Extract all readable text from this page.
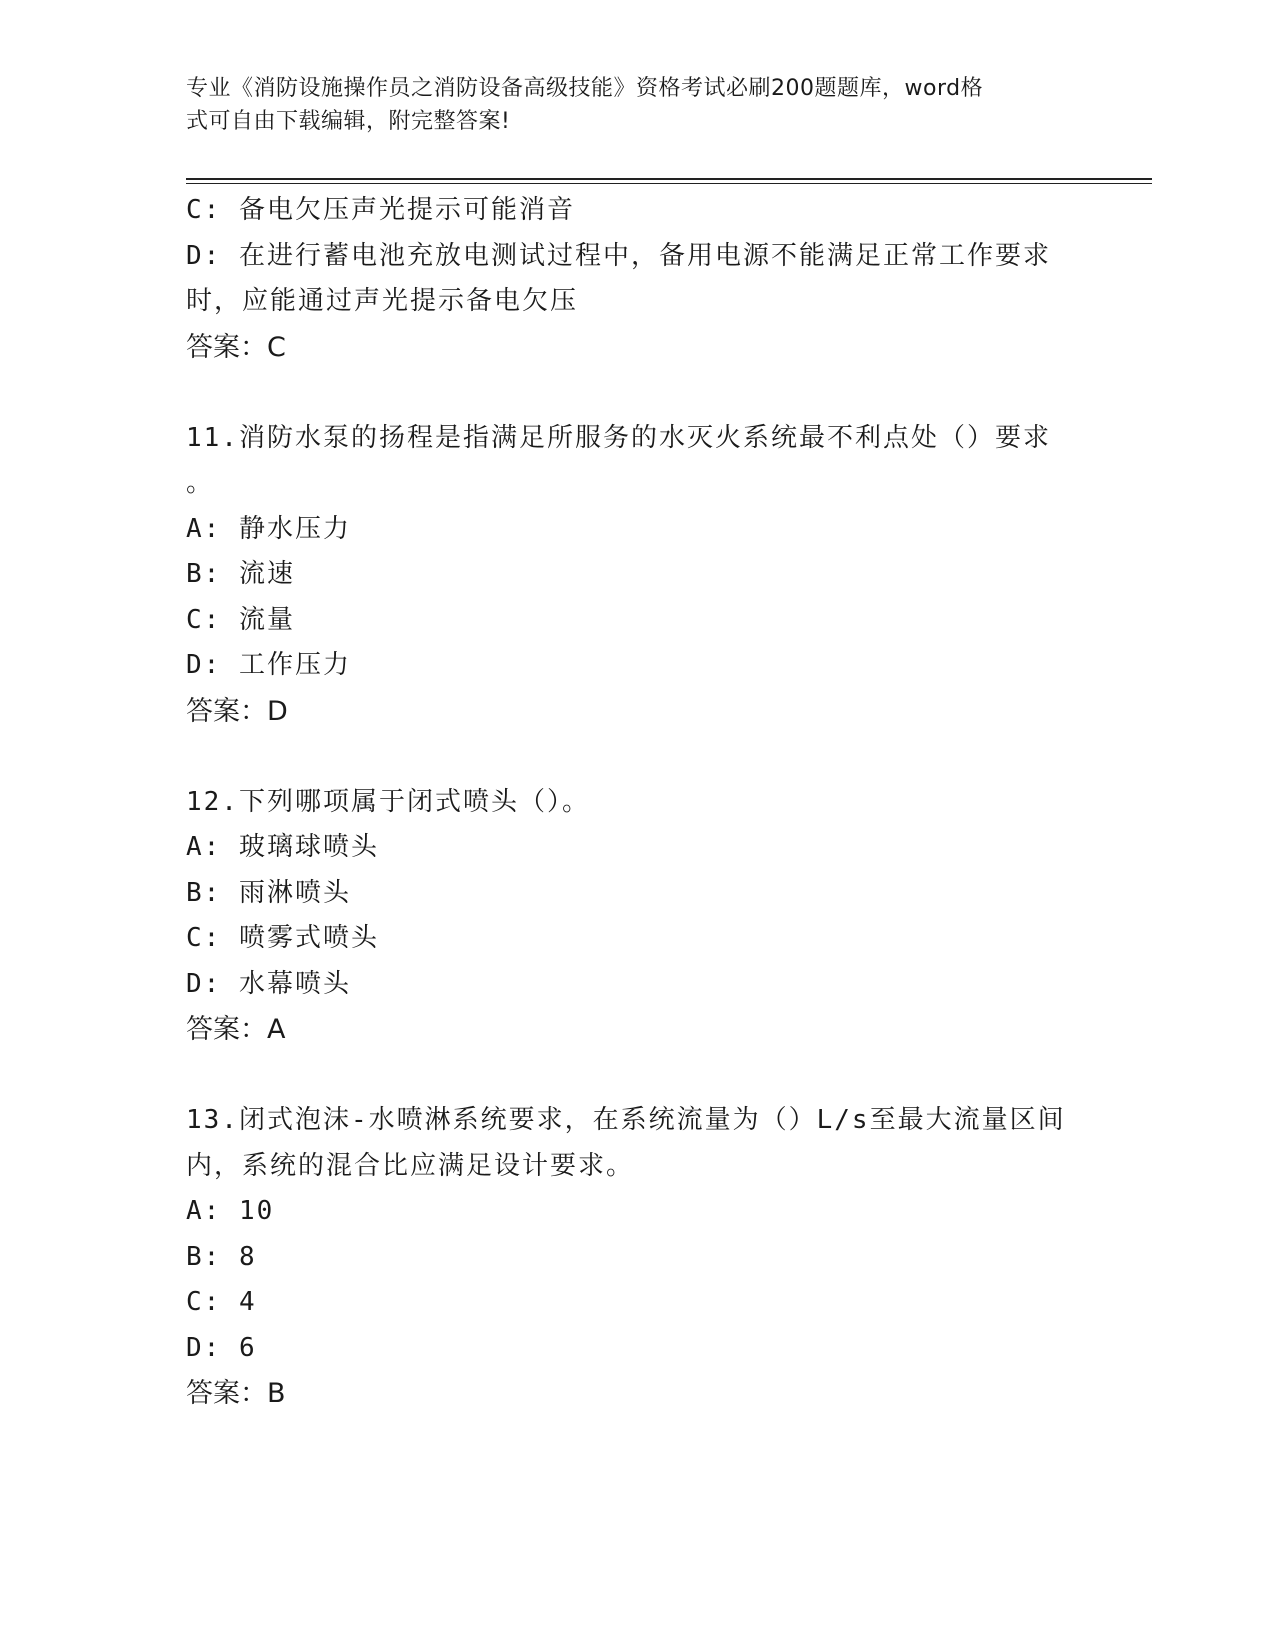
专业《消防设施操作员之消防设备高级技能》资格考试必刷200题题库，word格
式可自由下载编辑，附完整答案!
C: 备电欠压声光提示可能消音
D: 在进行蓄电池充放电测试过程中，备用电源不能满足正常工作要求
时，应能通过声光提示备电欠压
答案：C
11.消防水泵的扬程是指满足所服务的水灭火系统最不利点处（）要求
。
A: 静水压力
B: 流速
C: 流量
D: 工作压力
答案：D
12.下列哪项属于闭式喷头（）。
A: 玻璃球喷头
B: 雨淋喷头
C: 喷雾式喷头
D: 水幕喷头
答案：A
13.闭式泡沫-水喷淋系统要求，在系统流量为（）L/s至最大流量区间
内，系统的混合比应满足设计要求。
A: 10
B: 8
C: 4
D: 6
答案：B
